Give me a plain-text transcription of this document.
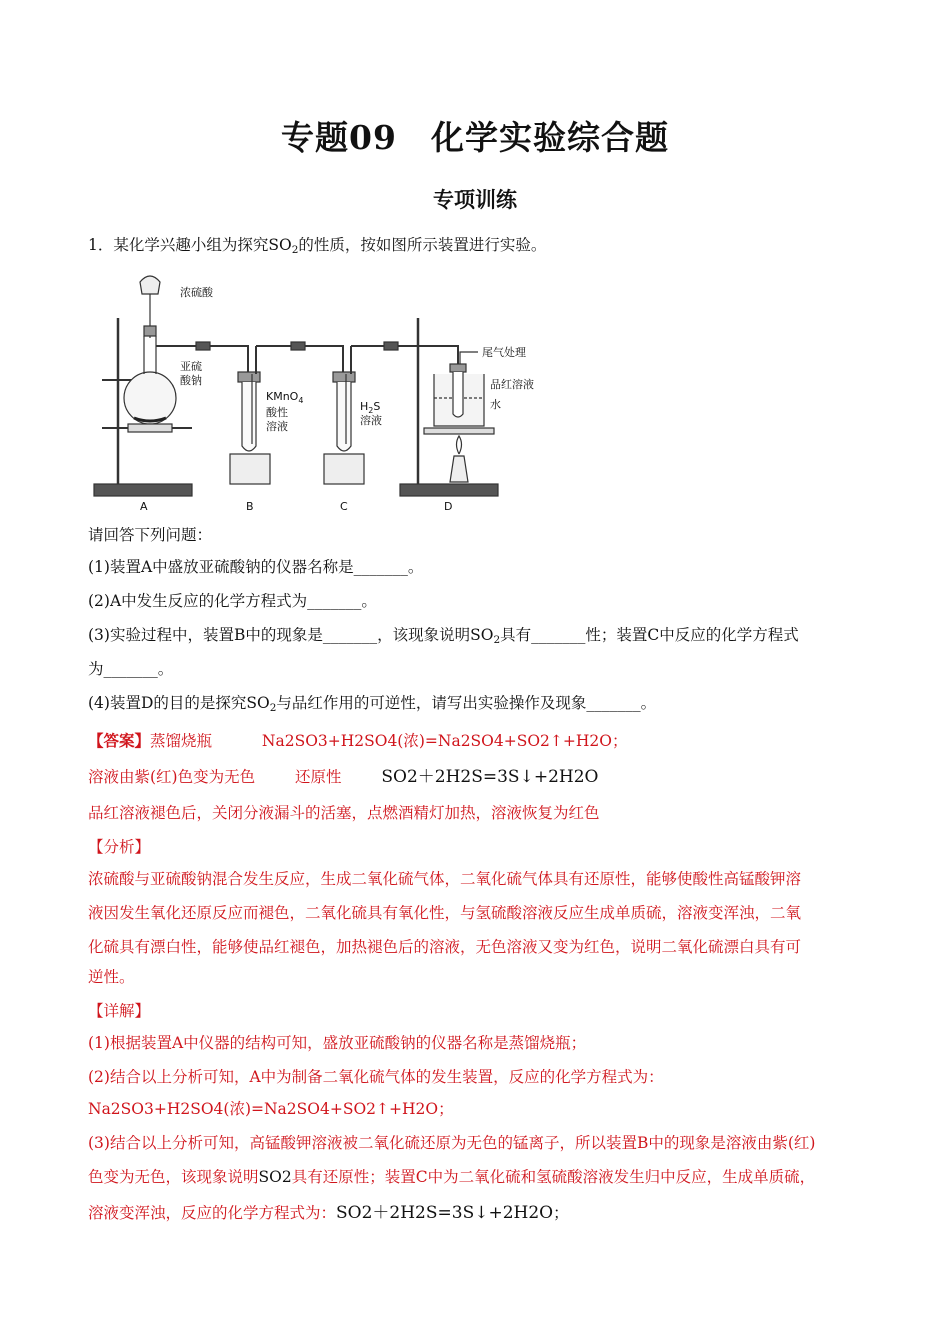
专题09　化学实验综合题
专项训练
1．某化学兴趣小组为探究$SO_2$的性质，按如图所示装置进行实验。
浓硫酸
亚硫
酸钠
KMnO$_4$
酸性
溶液
$H_2S$
溶液
尾气处理
品红溶液
水
A	B	C	D
请回答下列问题：
(1)装置A中盛放亚硫酸钠的仪器名称是_______。
(2)A中发生反应的化学方程式为_______。
(3)实验过程中，装置B中的现象是_______，该现象说明$SO_2$具有_______性；装置C中反应的化学方程式
为_______。
(4)装置D的目的是探究$SO_2$与品红作用的可逆性，请写出实验操作及现象_______。
【答案】蒸馏烧瓶	Na2SO3+H2SO4(浓)=Na2SO4+SO2↑+H2O；
溶液由紫(红)色变为无色	还原性 SO2＋2H2S=3S↓+2H2O
品红溶液褪色后，关闭分液漏斗的活塞，点燃酒精灯加热，溶液恢复为红色
【分析】
浓硫酸与亚硫酸钠混合发生反应，生成二氧化硫气体，二氧化硫气体具有还原性，能够使酸性高锰酸钾溶
液因发生氧化还原反应而褪色，二氧化硫具有氧化性，与氢硫酸溶液反应生成单质硫，溶液变浑浊，二氧
化硫具有漂白性，能够使品红褪色，加热褪色后的溶液，无色溶液又变为红色，说明二氧化硫漂白具有可
逆性。
【详解】
(1)根据装置A中仪器的结构可知，盛放亚硫酸钠的仪器名称是蒸馏烧瓶；
(2)结合以上分析可知，A中为制备二氧化硫气体的发生装置，反应的化学方程式为：
Na2SO3+H2SO4(浓)=Na2SO4+SO2↑+H2O；
(3)结合以上分析可知，高锰酸钾溶液被二氧化硫还原为无色的锰离子，所以装置B中的现象是溶液由紫(红)
色变为无色，该现象说明SO2具有还原性；装置C中为二氧化硫和氢硫酸溶液发生归中反应，生成单质硫，
溶液变浑浊，反应的化学方程式为：SO2＋2H2S=3S↓+2H2O；
